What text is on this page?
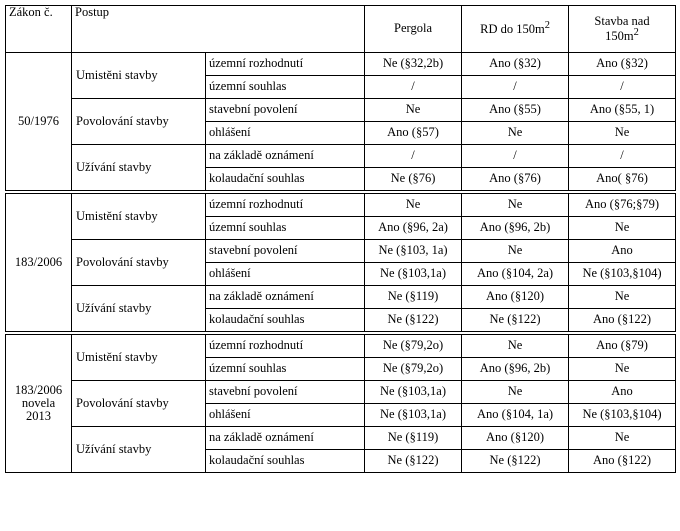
Zákon č.	Postup		Pergola	RD do $150m^2$	Stavba nad
$150m^2$
50/1976	Umistěni stavby	územní rozhodnutí	Ne (§32,2b)	Ano (§32)	Ano (§32)
		územní souhlas	/	/	/
	Povolování stavby	stavební povolení	Ne	Ano (§55)	Ano (§55, 1)
		ohlášení	Ano (§57)	Ne	Ne
	Užívání stavby	na základě oznámení	/	/	/
		kolaudační souhlas	Ne (§76)	Ano (§76)	Ano( §76)

183/2006	Umistění stavby	územní rozhodnutí	Ne	Ne	Ano (§76;§79)
		územní souhlas	Ano (§96, 2a)	Ano (§96, 2b)	Ne
	Povolování stavby	stavební povolení	Ne (§103, 1a)	Ne	Ano
		ohlášení	Ne (§103,1a)	Ano (§104, 2a)	Ne (§103,§104)
	Užívání stavby	na základě oznámení	Ne (§119)	Ano (§120)	Ne
		kolaudační souhlas	Ne (§122)	Ne (§122)	Ano (§122)

183/2006
novela
2013	Umistění stavby	územní rozhodnutí	Ne (§79,2o)	Ne	Ano (§79)
		územní souhlas	Ne (§79,2o)	Ano (§96, 2b)	Ne
	Povolování stavby	stavební povolení	Ne (§103,1a)	Ne	Ano
		ohlášení	Ne (§103,1a)	Ano (§104, 1a)	Ne (§103,§104)
	Užívání stavby	na základě oznámení	Ne (§119)	Ano (§120)	Ne
		kolaudační souhlas	Ne (§122)	Ne (§122)	Ano (§122)
